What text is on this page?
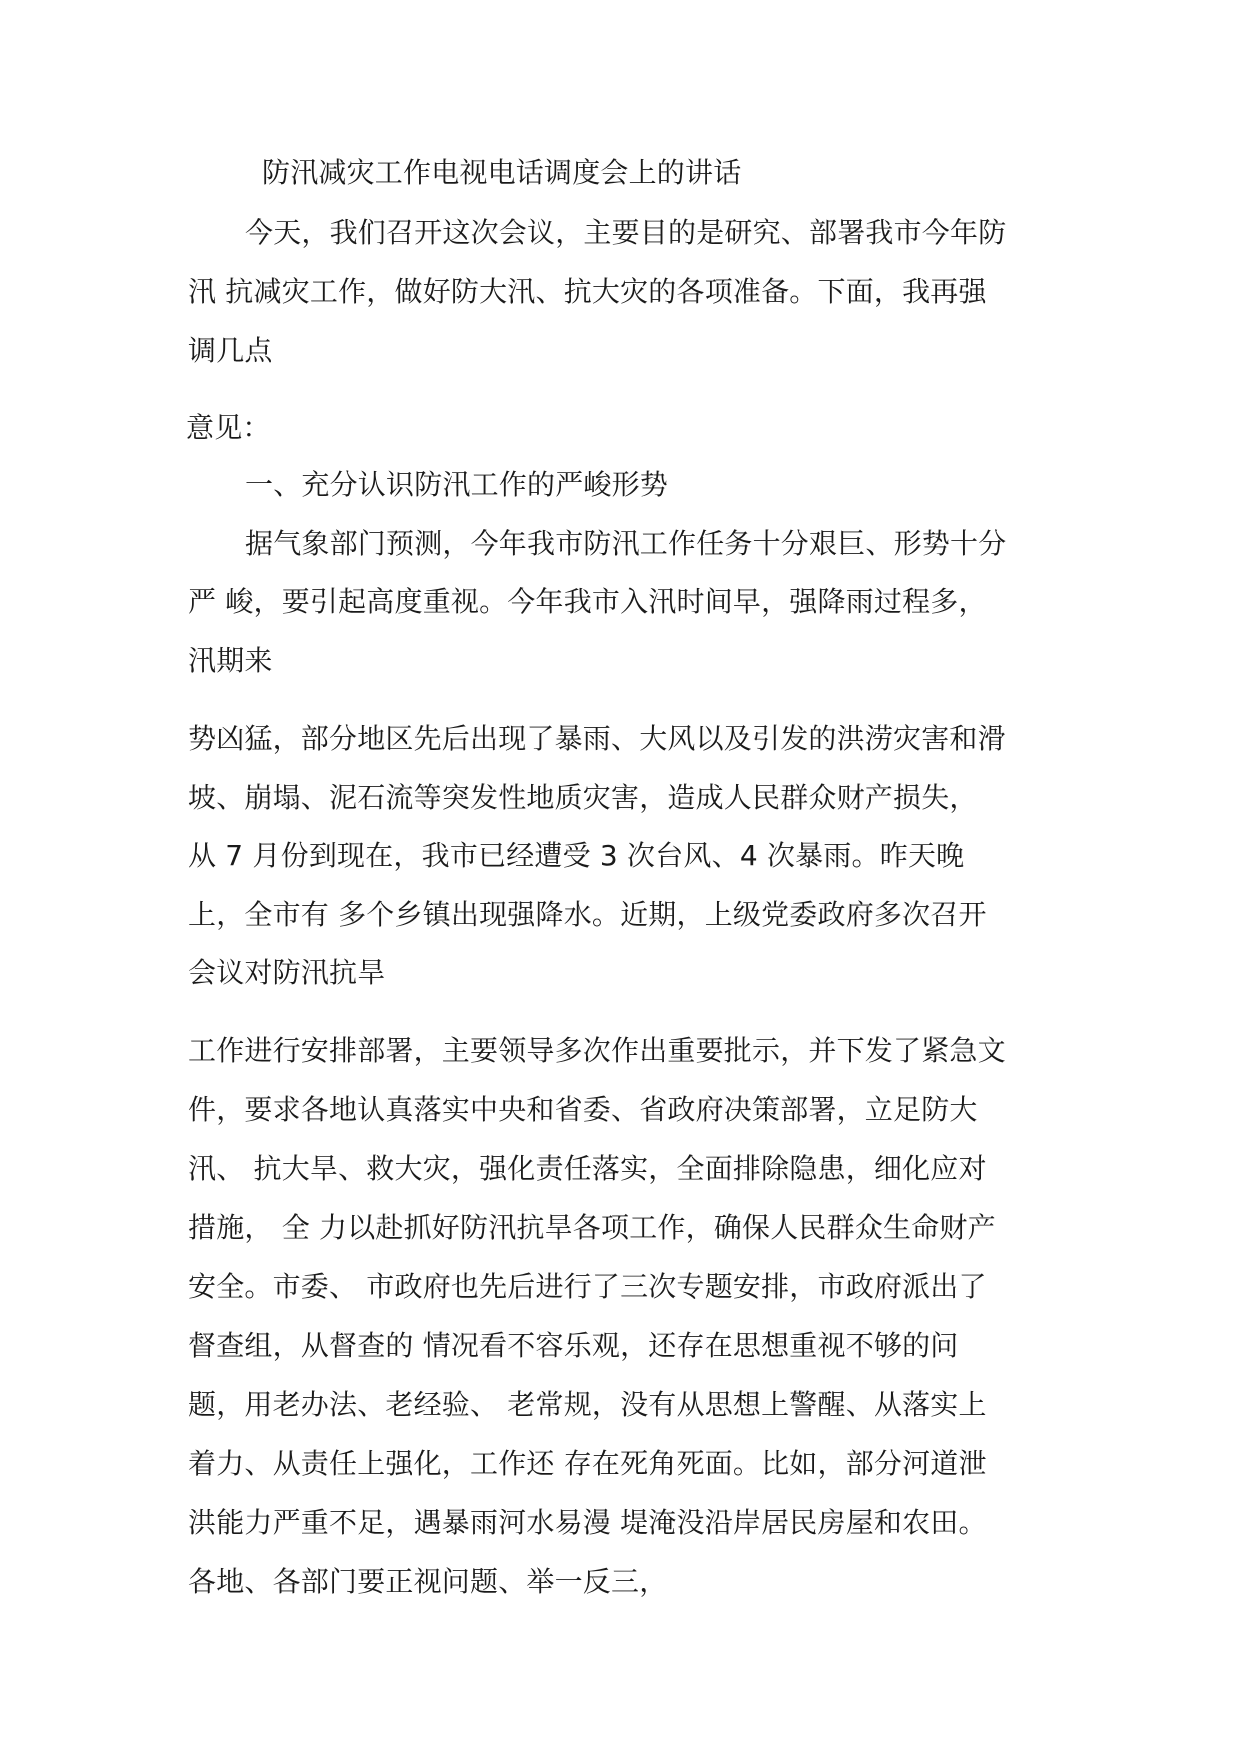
防汛减灾工作电视电话调度会上的讲话
今天，我们召开这次会议，主要目的是研究、部署我市今年防
汛 抗减灾工作，做好防大汛、抗大灾的各项准备。下面，我再强
调几点
意见：
一、充分认识防汛工作的严峻形势
据气象部门预测，今年我市防汛工作任务十分艰巨、形势十分
严 峻，要引起高度重视。今年我市入汛时间早，强降雨过程多，
汛期来
势凶猛，部分地区先后出现了暴雨、大风以及引发的洪涝灾害和滑
坡、崩塌、泥石流等突发性地质灾害，造成人民群众财产损失，
从 7 月份到现在，我市已经遭受 3 次台风、4 次暴雨。昨天晚
上，全市有 多个乡镇出现强降水。近期，上级党委政府多次召开
会议对防汛抗旱
工作进行安排部署，主要领导多次作出重要批示，并下发了紧急文
件，要求各地认真落实中央和省委、省政府决策部署，立足防大
汛、 抗大旱、救大灾，强化责任落实，全面排除隐患，细化应对
措施， 全 力以赴抓好防汛抗旱各项工作，确保人民群众生命财产
安全。市委、 市政府也先后进行了三次专题安排，市政府派出了
督查组，从督查的 情况看不容乐观，还存在思想重视不够的问
题，用老办法、老经验、 老常规，没有从思想上警醒、从落实上
着力、从责任上强化，工作还 存在死角死面。比如，部分河道泄
洪能力严重不足，遇暴雨河水易漫 堤淹没沿岸居民房屋和农田。
各地、各部门要正视问题、举一反三，
